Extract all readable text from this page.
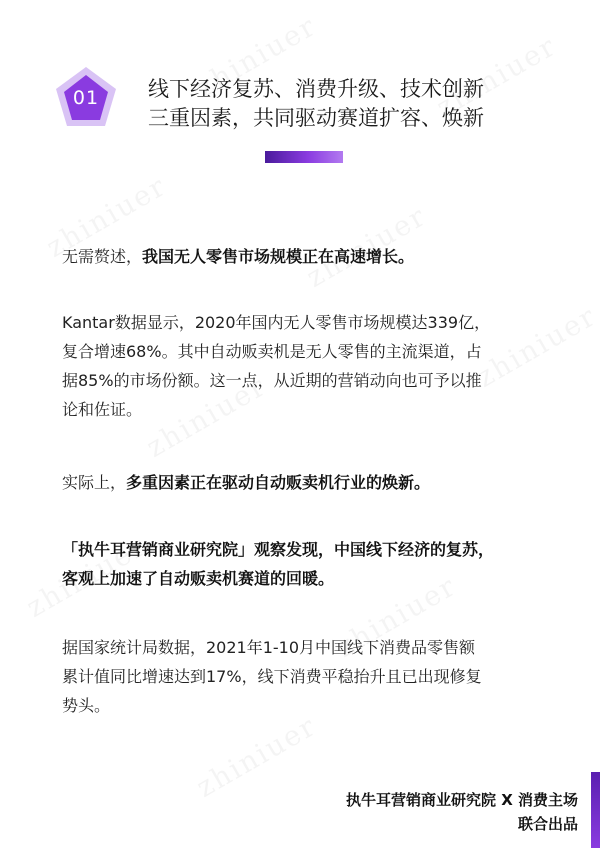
01	线下经济复苏、消费升级、技术创新
三重因素，共同驱动赛道扩容、焕新
无需赘述，我国无人零售市场规模正在高速增长。
Kantar数据显示，2020年国内无人零售市场规模达339亿，
复合增速68%。其中自动贩卖机是无人零售的主流渠道，占
据85%的市场份额。这一点，从近期的营销动向也可予以推
论和佐证。
实际上，多重因素正在驱动自动贩卖机行业的焕新。
「执牛耳营销商业研究院」观察发现，中国线下经济的复苏，
客观上加速了自动贩卖机赛道的回暖。
据国家统计局数据，2021年1-10月中国线下消费品零售额
累计值同比增速达到17%，线下消费平稳抬升且已出现修复
势头。
执牛耳营销商业研究院 X 消费主场
联合出品
